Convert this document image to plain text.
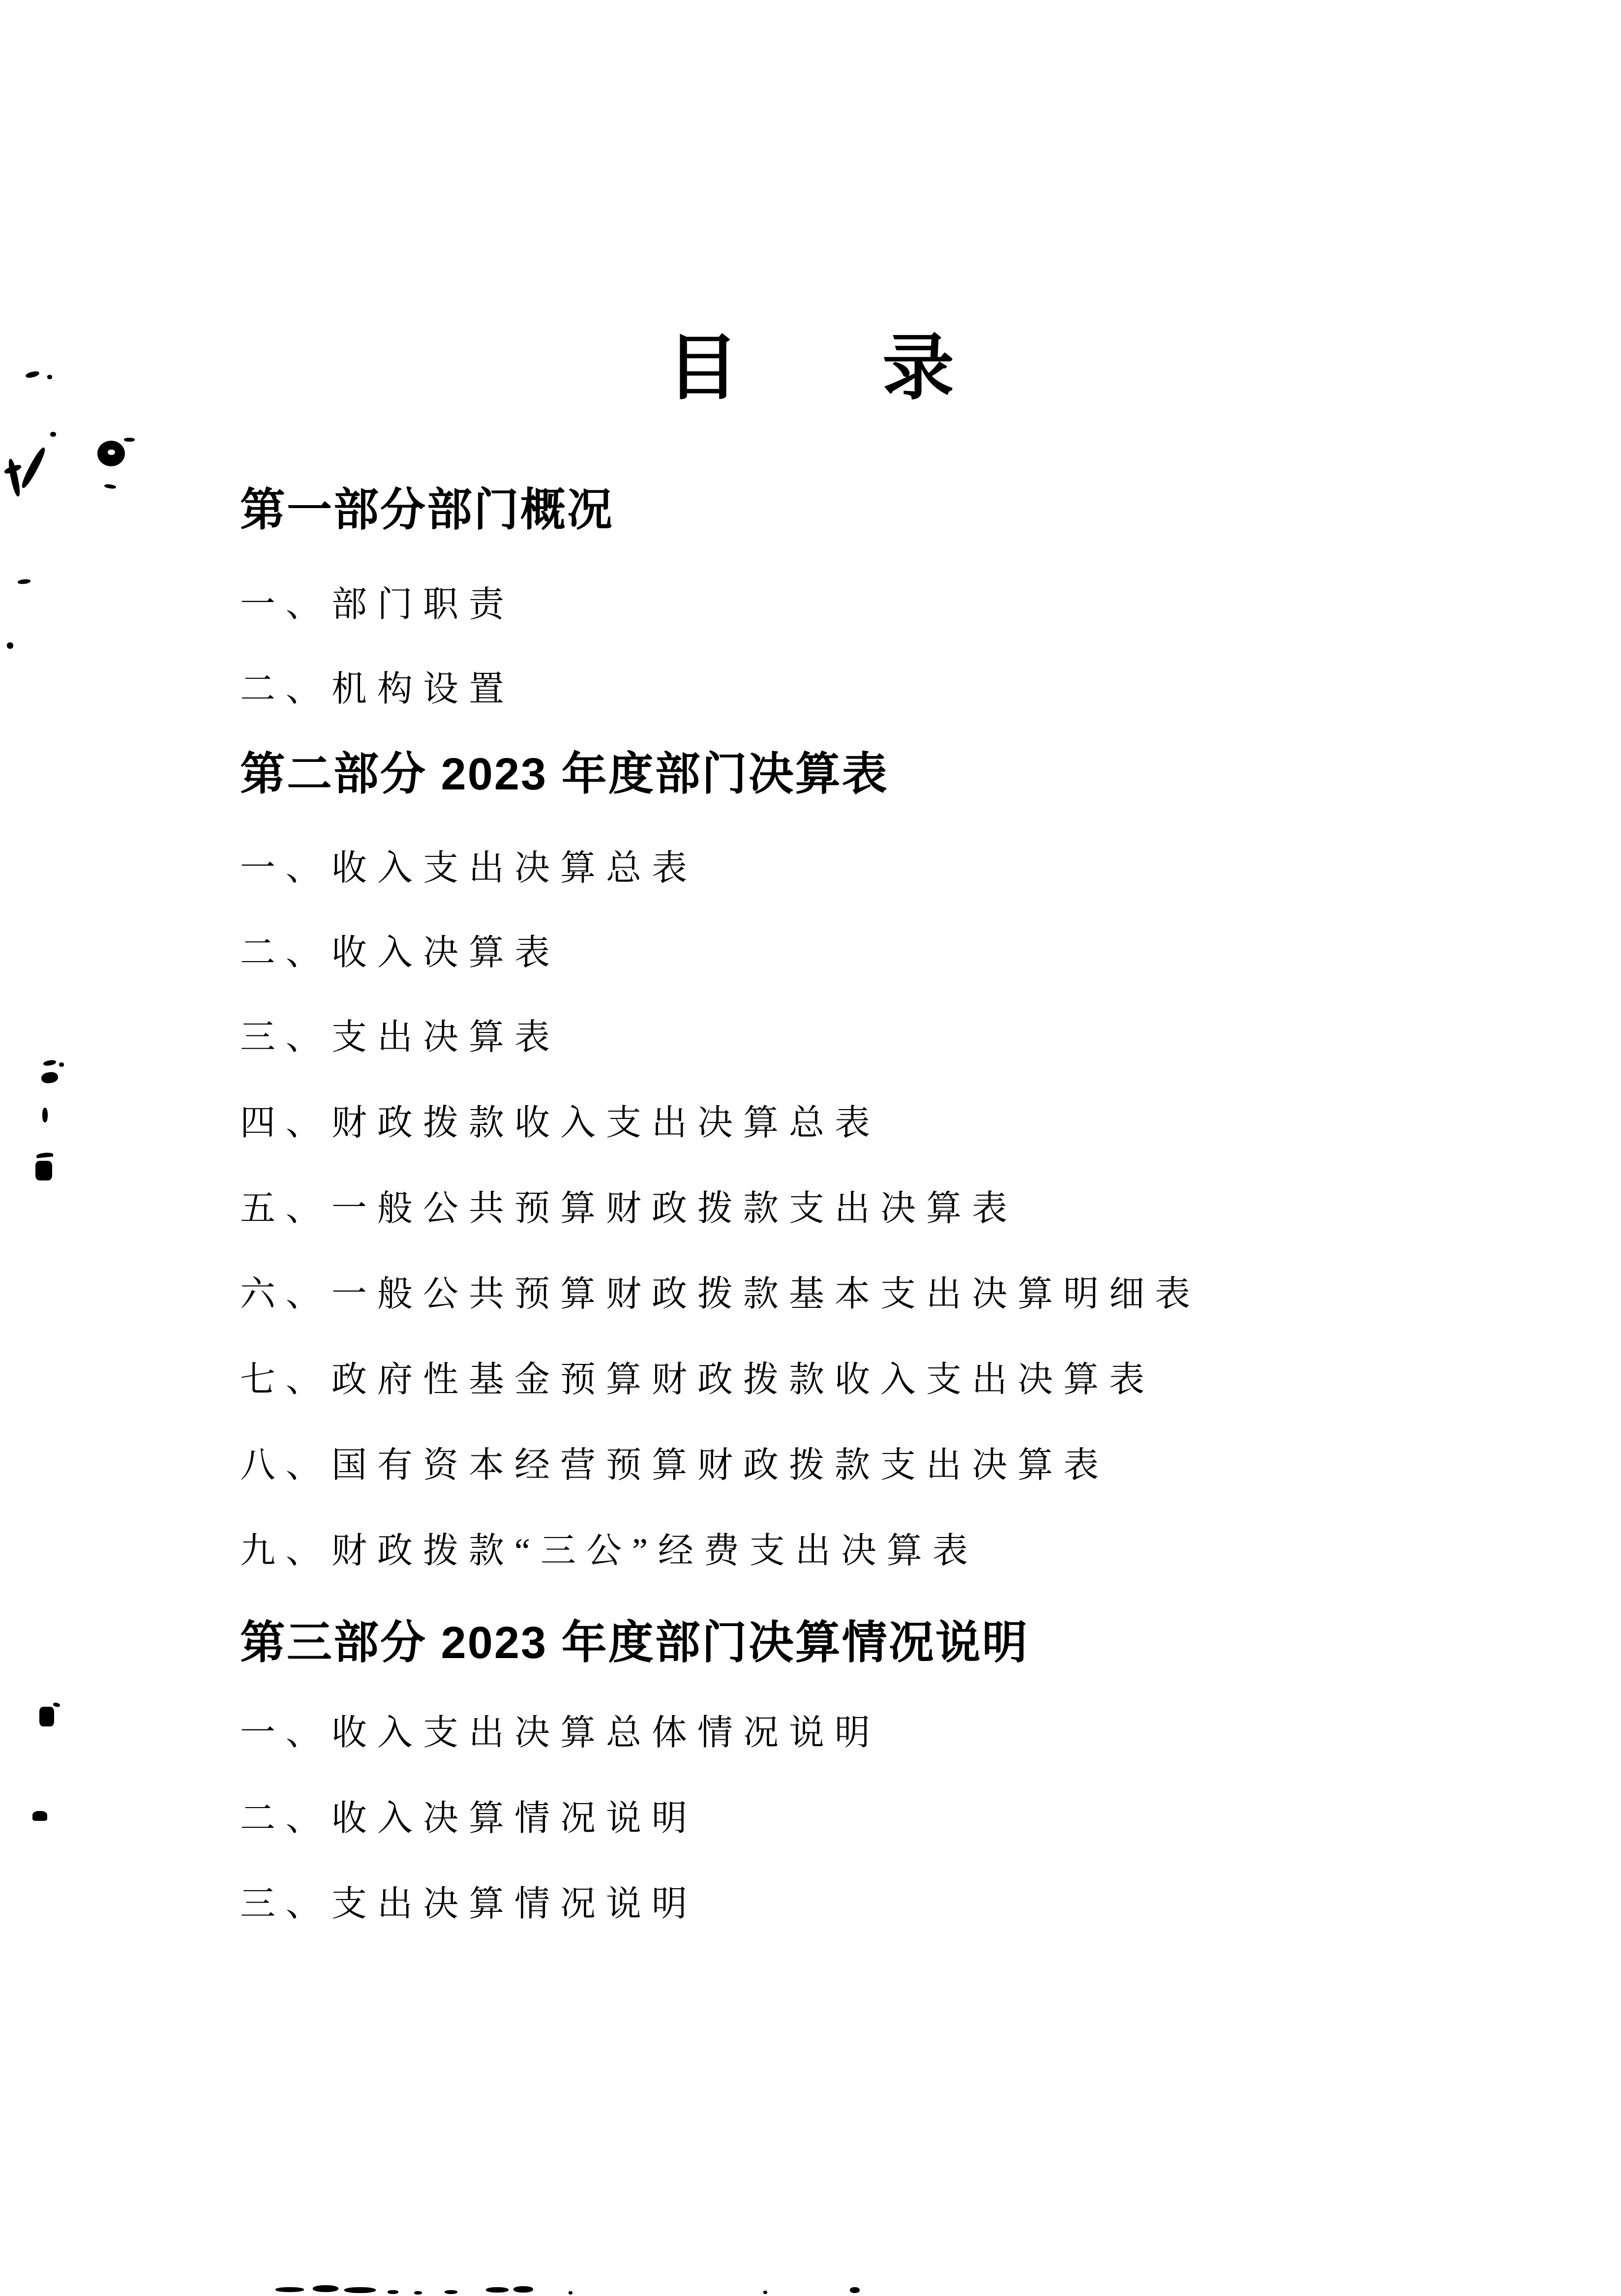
目　　录
第一部分部门概况
一、部门职责
二、机构设置
第二部分 2023 年度部门决算表
一、收入支出决算总表
二、收入决算表
三、支出决算表
四、财政拨款收入支出决算总表
五、一般公共预算财政拨款支出决算表
六、一般公共预算财政拨款基本支出决算明细表
七、政府性基金预算财政拨款收入支出决算表
八、国有资本经营预算财政拨款支出决算表
九、财政拨款“三公”经费支出决算表
第三部分 2023 年度部门决算情况说明
一、收入支出决算总体情况说明
二、收入决算情况说明
三、支出决算情况说明
